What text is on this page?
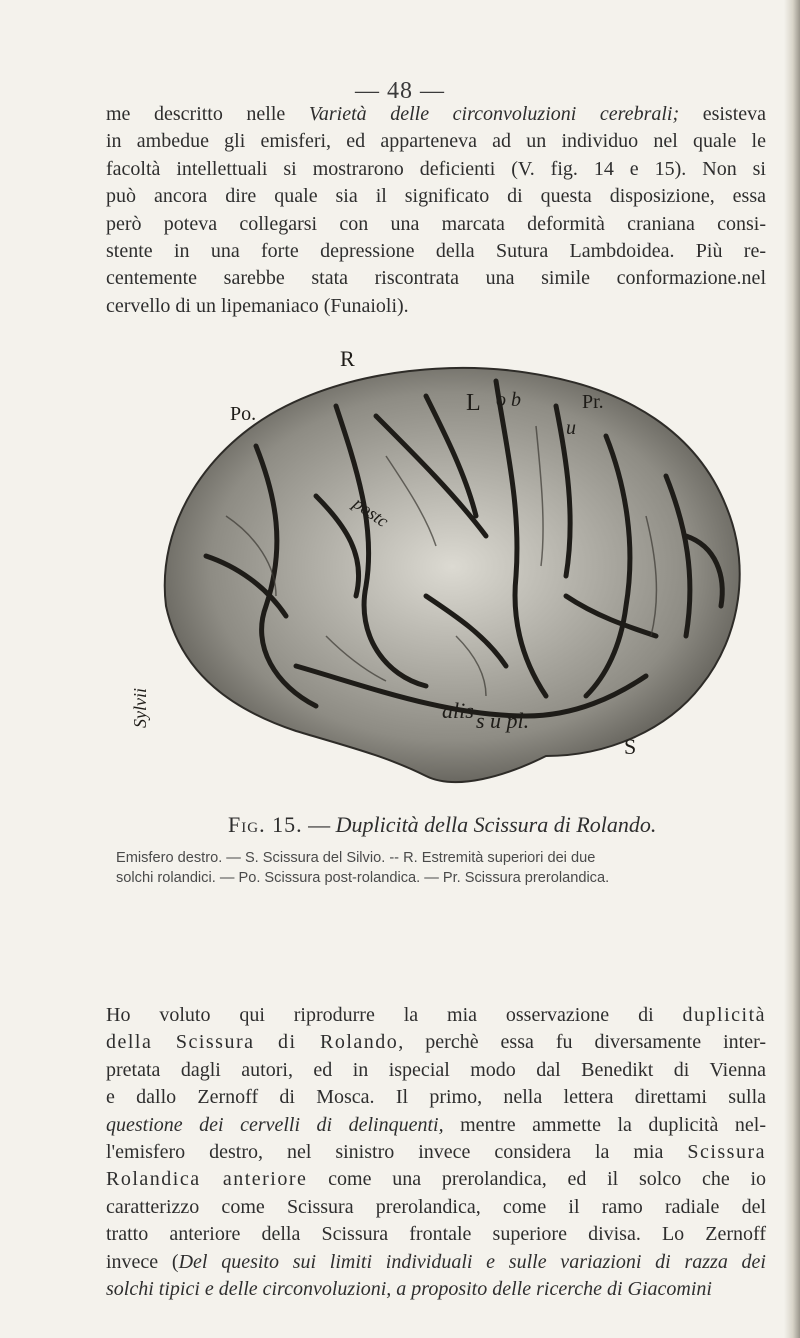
— 48 —

me descritto nelle Varietà delle circonvoluzioni cerebrali; esisteva
in ambedue gli emisferi, ed apparteneva ad un individuo nel quale le
facoltà intellettuali si mostrarono deficienti (V. fig. 14 e 15). Non si
può ancora dire quale sia il significato di questa disposizione, essa
però poteva collegarsi con una marcata deformità craniana consi-
stente in una forte depressione della Sutura Lambdoidea. Più re-
centemente sarebbe stata riscontrata una simile conformazione.nel
cervello di un lipemaniaco (Funaioli).

R
Po.	L o b	Pr.
u
S
alis s u pl.
Sylvii
postc
Fig. 15. — Duplicità della Scissura di Rolando.
Emisfero destro. — S. Scissura del Silvio. -- R. Estremità superiori dei due
solchi rolandici. — Po. Scissura post-rolandica. — Pr. Scissura prerolandica.

Ho voluto qui riprodurre la mia osservazione di duplicità
della Scissura di Rolando, perchè essa fu diversamente inter-
pretata dagli autori, ed in ispecial modo dal Benedikt di Vienna
e dallo Zernoff di Mosca. Il primo, nella lettera direttami sulla
questione dei cervelli di delinquenti, mentre ammette la duplicità nel-
l'emisfero destro, nel sinistro invece considera la mia Scissura
Rolandica anteriore come una prerolandica, ed il solco che io
caratterizzo come Scissura prerolandica, come il ramo radiale del
tratto anteriore della Scissura frontale superiore divisa. Lo Zernoff
invece (Del quesito sui limiti individuali e sulle variazioni di razza dei
solchi tipici e delle circonvoluzioni, a proposito delle ricerche di Giacomini
